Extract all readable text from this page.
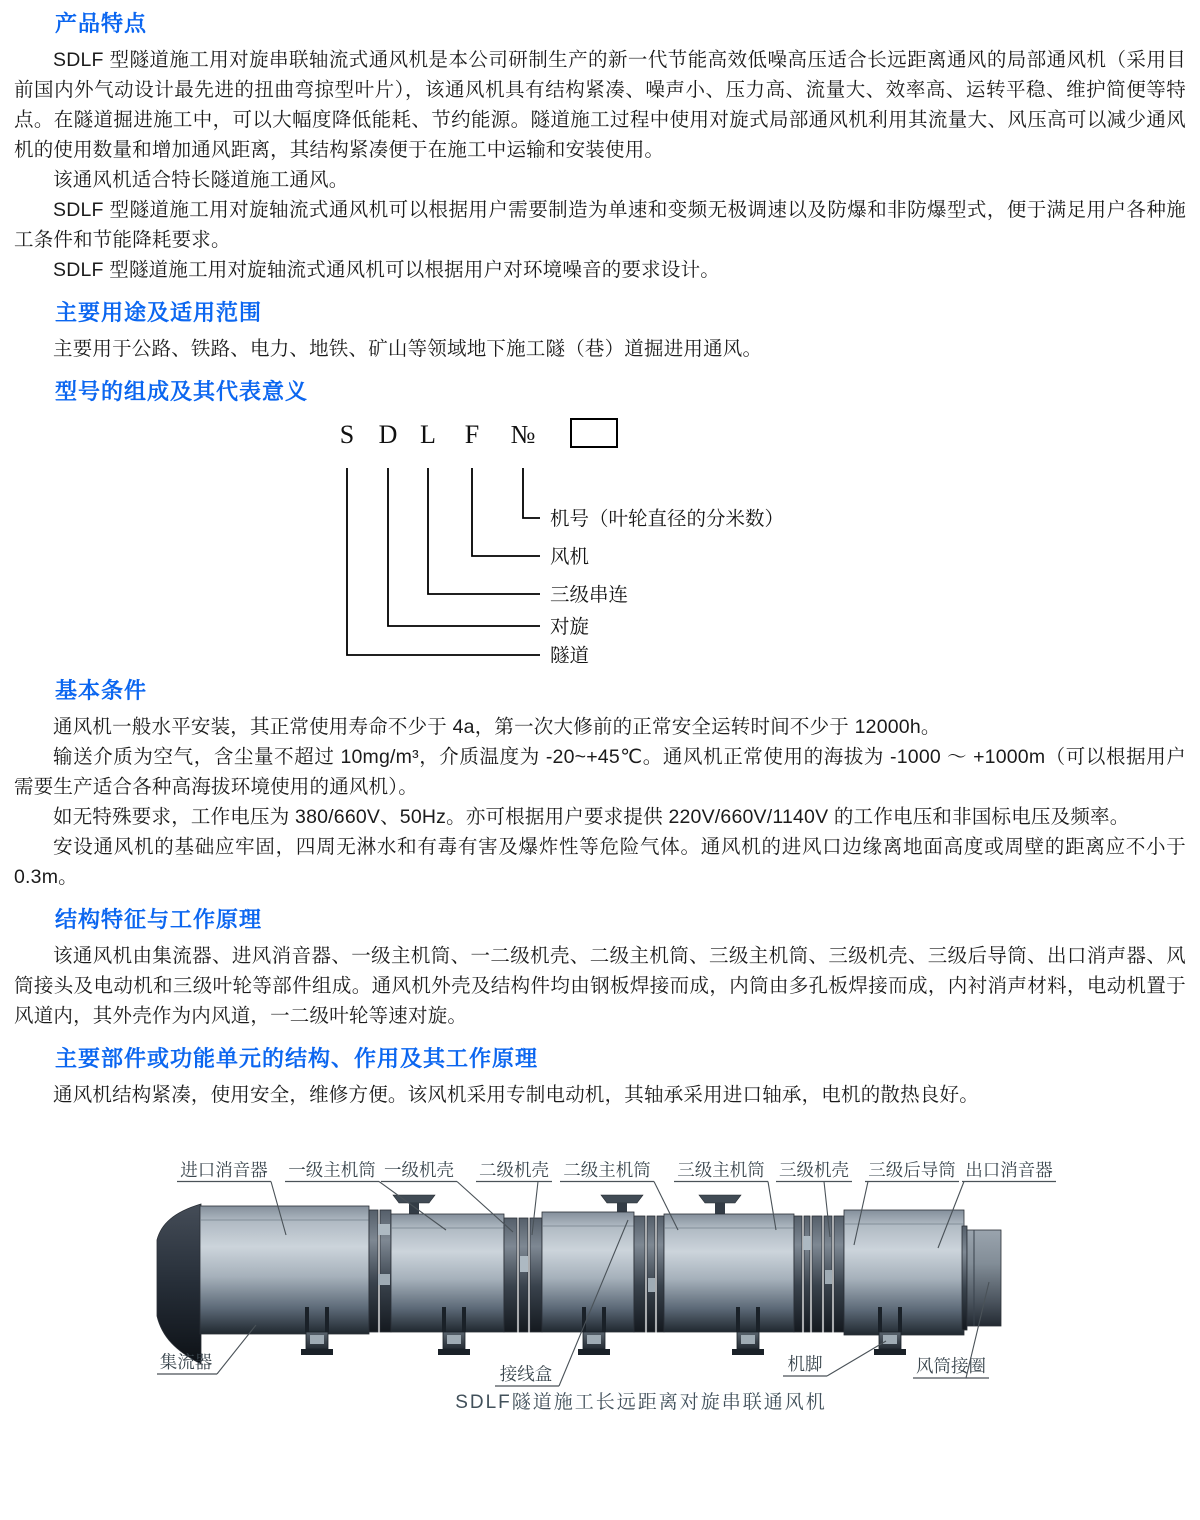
产品特点

SDLF 型隧道施工用对旋串联轴流式通风机是本公司研制生产的新一代节能高效低噪高压适合长远距离通风的局部通风机（采用目前国内外气动设计最先进的扭曲弯掠型叶片），该通风机具有结构紧凑、噪声小、压力高、流量大、效率高、运转平稳、维护简便等特点。在隧道掘进施工中，可以大幅度降低能耗、节约能源。隧道施工过程中使用对旋式局部通风机利用其流量大、风压高可以减少通风机的使用数量和增加通风距离，其结构紧凑便于在施工中运输和安装使用。

该通风机适合特长隧道施工通风。

SDLF 型隧道施工用对旋轴流式通风机可以根据用户需要制造为单速和变频无极调速以及防爆和非防爆型式，便于满足用户各种施工条件和节能降耗要求。

SDLF 型隧道施工用对旋轴流式通风机可以根据用户对环境噪音的要求设计。

主要用途及适用范围

主要用于公路、铁路、电力、地铁、矿山等领域地下施工隧（巷）道掘进用通风。

型号的组成及其代表意义
S D L F №
机号（叶轮直径的分米数）
风机
三级串连
对旋
隧道
基本条件

通风机一般水平安装，其正常使用寿命不少于 4a，第一次大修前的正常安全运转时间不少于 12000h。

输送介质为空气，含尘量不超过 10mg/m³，介质温度为 -20~+45℃。通风机正常使用的海拔为 -1000 ～ +1000m（可以根据用户需要生产适合各种高海拔环境使用的通风机）。

如无特殊要求，工作电压为 380/660V、50Hz。亦可根据用户要求提供 220V/660V/1140V 的工作电压和非国标电压及频率。

安设通风机的基础应牢固，四周无淋水和有毒有害及爆炸性等危险气体。通风机的进风口边缘离地面高度或周壁的距离应不小于 0.3m。

结构特征与工作原理

该通风机由集流器、进风消音器、一级主机筒、一二级机壳、二级主机筒、三级主机筒、三级机壳、三级后导筒、出口消声器、风筒接头及电动机和三级叶轮等部件组成。通风机外壳及结构件均由钢板焊接而成，内筒由多孔板焊接而成，内衬消声材料，电动机置于风道内，其外壳作为内风道，一二级叶轮等速对旋。

主要部件或功能单元的结构、作用及其工作原理

通风机结构紧凑，使用安全，维修方便。该风机采用专制电动机，其轴承采用进口轴承，电机的散热良好。

进口消音器 一级主机筒 一级机壳 二级机壳 二级主机筒 三级主机筒 三级机壳 三级后导筒 出口消音器
集流器
接线盒	机脚	风筒接圈
SDLF隧道施工长远距离对旋串联通风机
